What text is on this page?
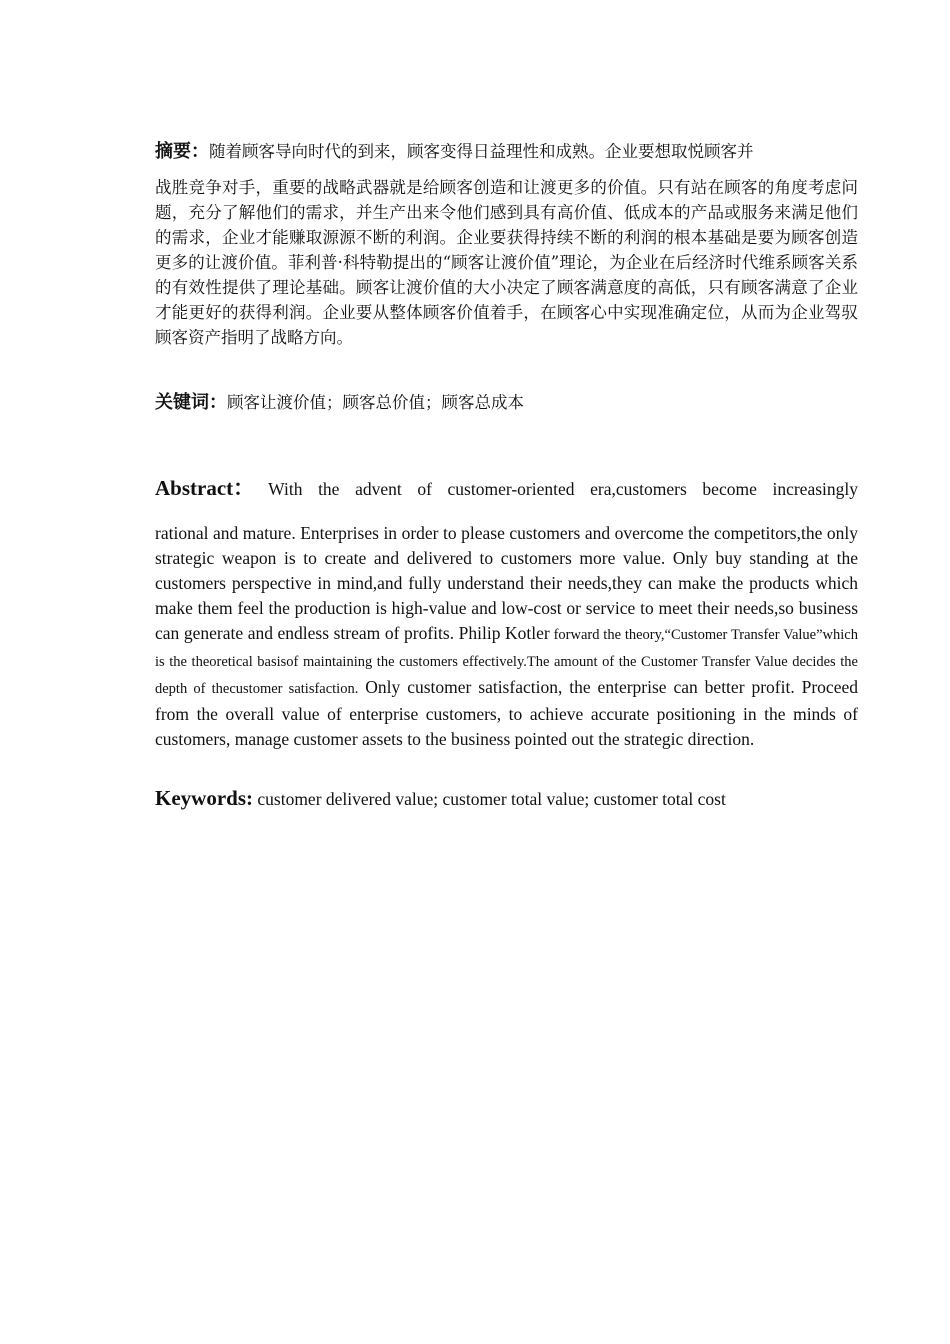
摘要：随着顾客导向时代的到来，顾客变得日益理性和成熟。企业要想取悦顾客并

战胜竞争对手，重要的战略武器就是给顾客创造和让渡更多的价值。只有站在顾客的角度考虑问题，充分了解他们的需求，并生产出来令他们感到具有高价值、低成本的产品或服务来满足他们的需求，企业才能赚取源源不断的利润。企业要获得持续不断的利润的根本基础是要为顾客创造更多的让渡价值。菲利普·科特勒提出的“顾客让渡价值”理论，为企业在后经济时代维系顾客关系的有效性提供了理论基础。顾客让渡价值的大小决定了顾客满意度的高低，只有顾客满意了企业才能更好的获得利润。企业要从整体顾客价值着手，在顾客心中实现准确定位，从而为企业驾驭顾客资产指明了战略方向。

关键词：顾客让渡价值；顾客总价值；顾客总成本
Abstract： With the advent of customer-oriented era,customers become increasingly

rational and mature. Enterprises in order to please customers and overcome the competitors,the only strategic weapon is to create and delivered to customers more value. Only buy standing at the customers perspective in mind,and fully understand their needs,they can make the products which make them feel the production is high-value and low-cost or service to meet their needs,so business can generate and endless stream of profits. Philip Kotler forward the theory,“Customer Transfer Value”which is the theoretical basisof maintaining the customers effectively.The amount of the Customer Transfer Value decides the depth of thecustomer satisfaction. Only customer satisfaction, the enterprise can better profit. Proceed from the overall value of enterprise customers, to achieve accurate positioning in the minds of customers, manage customer assets to the business pointed out the strategic direction.

Keywords: customer delivered value; customer total value; customer total cost
